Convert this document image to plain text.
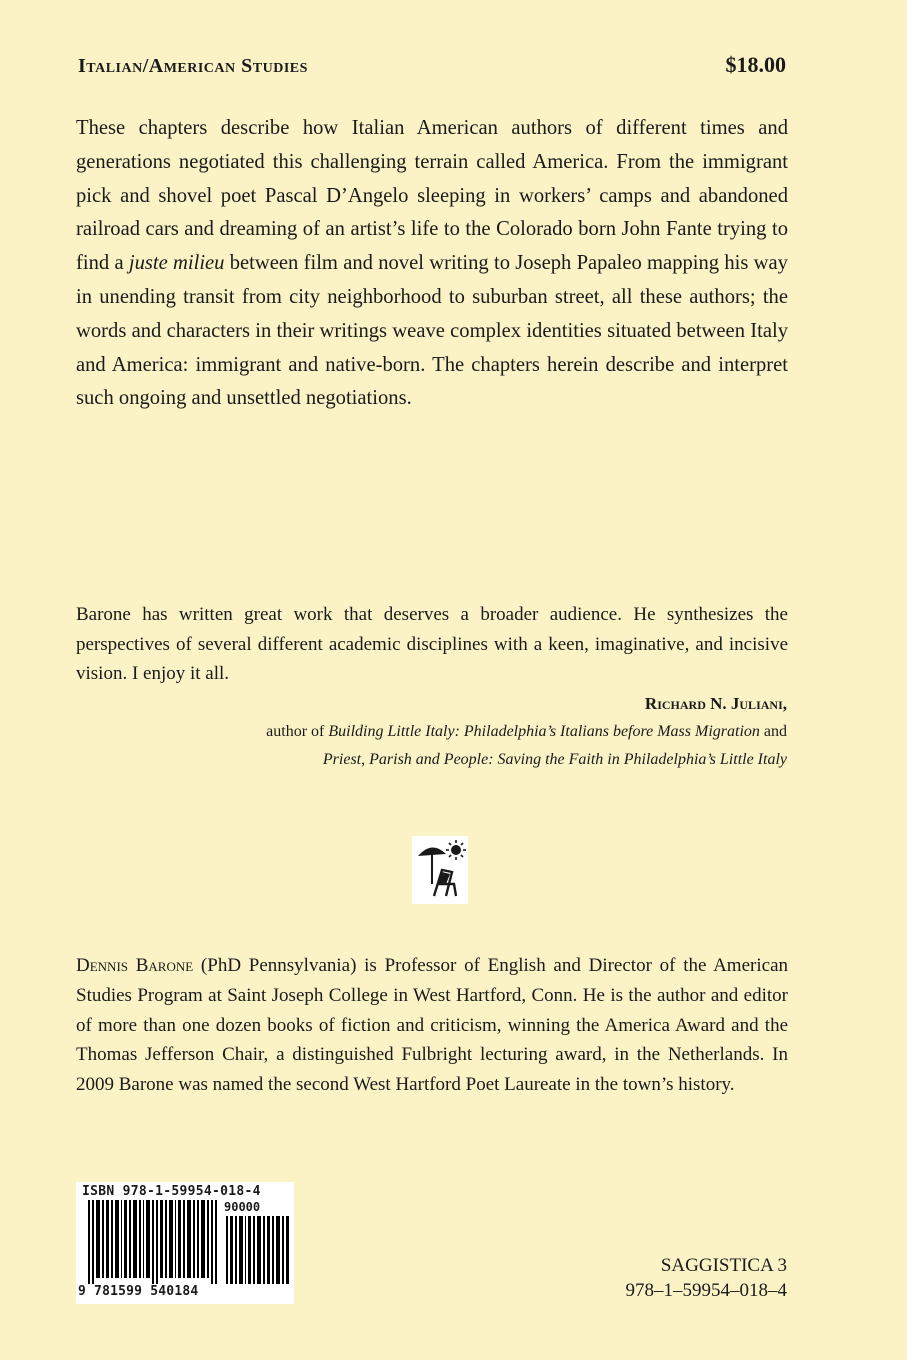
Italian/American Studies	$18.00

These chapters describe how Italian American authors of different times and generations negotiated this challenging terrain called America. From the immigrant pick and shovel poet Pascal D’Angelo sleeping in workers’ camps and abandoned railroad cars and dreaming of an artist’s life to the Colorado born John Fante trying to find a juste milieu between film and novel writing to Joseph Papaleo mapping his way in unending transit from city neighborhood to suburban street, all these authors; the words and characters in their writings weave complex identities situated between Italy and America: immigrant and native-born. The chapters herein describe and interpret such ongoing and unsettled negotiations.

Barone has written great work that deserves a broader audience. He synthesizes the perspectives of several different academic disciplines with a keen, imaginative, and incisive vision. I enjoy it all.
Richard N. Juliani,
author of Building Little Italy: Philadelphia’s Italians before Mass Migration and
Priest, Parish and People: Saving the Faith in Philadelphia’s Little Italy
Dennis Barone (PhD Pennsylvania) is Professor of English and Director of the American Studies Program at Saint Joseph College in West Hartford, Conn. He is the author and editor of more than one dozen books of fiction and criticism, winning the America Award and the Thomas Jefferson Chair, a distinguished Fulbright lecturing award, in the Netherlands. In 2009 Barone was named the second West Hartford Poet Laureate in the town’s history.
ISBN 978-1-59954-018-4
90000
9 781599 540184
SAGGISTICA 3
978–1–59954–018–4
